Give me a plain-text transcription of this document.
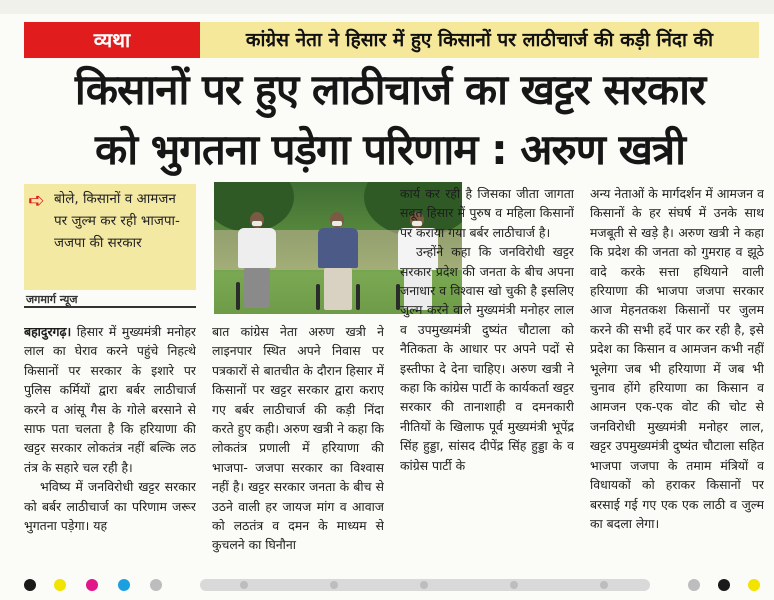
व्यथा	कांग्रेस नेता ने हिसार में हुए किसानों पर लाठीचार्ज की कड़ी निंदा की
किसानों पर हुए लाठीचार्ज का खट्टर सरकार
को भुगतना पड़ेगा परिणाम : अरुण खत्री
➪ बोले, किसानों व आमजन पर जुल्म कर रही भाजपा-जजपा की सरकार
जगमार्ग न्यूज

बहादुरगढ़। हिसार में मुख्यमंत्री मनोहर लाल का घेराव करने पहुंचे निहत्थे किसानों पर सरकार के इशारे पर पुलिस कर्मियों द्वारा बर्बर लाठीचार्ज करने व आंसू गैस के गोले बरसाने से साफ पता चलता है कि हरियाणा की खट्टर सरकार लोकतंत्र नहीं बल्कि लठ तंत्र के सहारे चल रही है।

भविष्य में जनविरोधी खट्टर सरकार को बर्बर लाठीचार्ज का परिणाम जरूर भुगतना पड़ेगा। यह

बात कांग्रेस नेता अरुण खत्री ने लाइनपार स्थित अपने निवास पर पत्रकारों से बातचीत के दौरान हिसार में किसानों पर खट्टर सरकार द्वारा कराए गए बर्बर लाठीचार्ज की कड़ी निंदा करते हुए कही। अरुण खत्री ने कहा कि लोकतंत्र प्रणाली में हरियाणा की भाजपा- जजपा सरकार का विश्वास नहीं है। खट्टर सरकार जनता के बीच से उठने वाली हर जायज मांग व आवाज को लठतंत्र व दमन के माध्यम से कुचलने का घिनौना

कार्य कर रही है जिसका जीता जागता सबूत हिसार में पुरुष व महिला किसानों पर कराया गया बर्बर लाठीचार्ज है।

उन्होंने कहा कि जनविरोधी खट्टर सरकार प्रदेश की जनता के बीच अपना जनाधार व विश्वास खो चुकी है इसलिए जुल्म करने वाले मुख्यमंत्री मनोहर लाल व उपमुख्यमंत्री दुष्यंत चौटाला को नैतिकता के आधार पर अपने पदों से इस्तीफा दे देना चाहिए। अरुण खत्री ने कहा कि कांग्रेस पार्टी के कार्यकर्ता खट्टर सरकार की तानाशाही व दमनकारी नीतियों के खिलाफ पूर्व मुख्यमंत्री भूपेंद्र सिंह हुड्डा, सांसद दीपेंद्र सिंह हुड्डा के व कांग्रेस पार्टी के

अन्य नेताओं के मार्गदर्शन में आमजन व किसानों के हर संघर्ष में उनके साथ मजबूती से खड़े है। अरुण खत्री ने कहा कि प्रदेश की जनता को गुमराह व झूठे वादे करके सत्ता हथियाने वाली हरियाणा की भाजपा जजपा सरकार आज मेहनतकश किसानों पर जुलम करने की सभी हदें पार कर रही है, इसे प्रदेश का किसान व आमजन कभी नहीं भूलेगा जब भी हरियाणा में जब भी चुनाव होंगे हरियाणा का किसान व आमजन एक-एक वोट की चोट से जनविरोधी मुख्यमंत्री मनोहर लाल, खट्टर उपमुख्यमंत्री दुष्यंत चौटाला सहित भाजपा जजपा के तमाम मंत्रियों व विधायकों को हराकर किसानों पर बरसाई गई गए एक एक लाठी व जुल्म का बदला लेगा।
